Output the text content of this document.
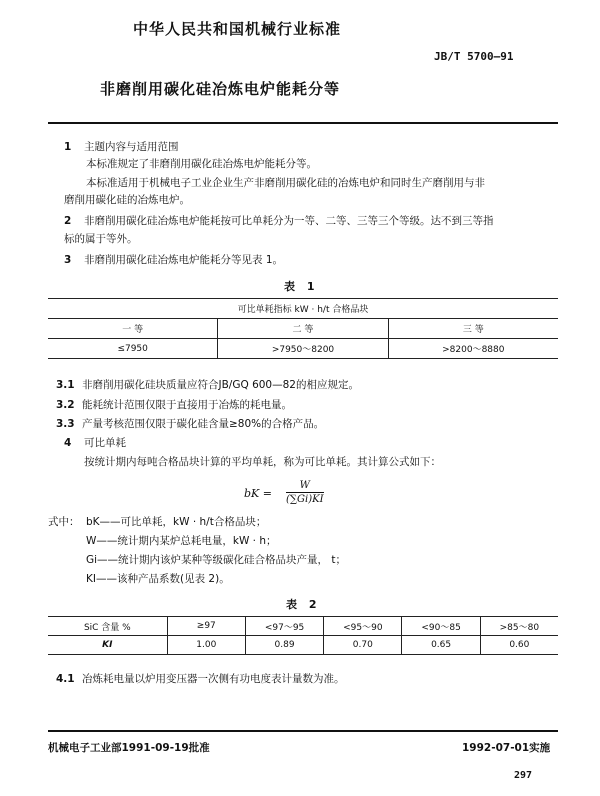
中华人民共和国机械行业标准
JB/T 5700—91
非磨削用碳化硅冶炼电炉能耗分等
1 主题内容与适用范围
本标准规定了非磨削用碳化硅冶炼电炉能耗分等。
本标准适用于机械电子工业企业生产非磨削用碳化硅的冶炼电炉和同时生产磨削用与非
磨削用碳化硅的冶炼电炉。
2 非磨削用碳化硅冶炼电炉能耗按可比单耗分为一等、二等、三等三个等级。达不到三等指
标的属于等外。
3 非磨削用碳化硅冶炼电炉能耗分等见表 1。
表 1
可比单耗指标 kW · h/t 合格品块		
一 等	二 等	三 等
≤7950	>7950～8200	>8200～8880
3.1 非磨削用碳化硅块质量应符合JB/GQ 600—82的相应规定。
3.2 能耗统计范围仅限于直接用于冶炼的耗电量。
3.3 产量考核范围仅限于碳化硅含量≥80%的合格产品。
4 可比单耗
按统计期内每吨合格品块计算的平均单耗，称为可比单耗。其计算公式如下：
bK = $\frac{W}{(\sum Gi)KI}$
式中： bK——可比单耗，kW · h/t合格品块；
W——统计期内某炉总耗电量，kW · h；
Gi——统计期内该炉某种等级碳化硅合格品块产量， t；
KI——该种产品系数(见表 2)。
表 2
SiC 含量 %	≥97	<97～95	<95～90	<90～85	>85～80
KI	1.00	0.89	0.70	0.65	0.60
4.1 冶炼耗电量以炉用变压器一次侧有功电度表计量数为准。
机械电子工业部1991-09-19批准	1992-07-01实施
297
